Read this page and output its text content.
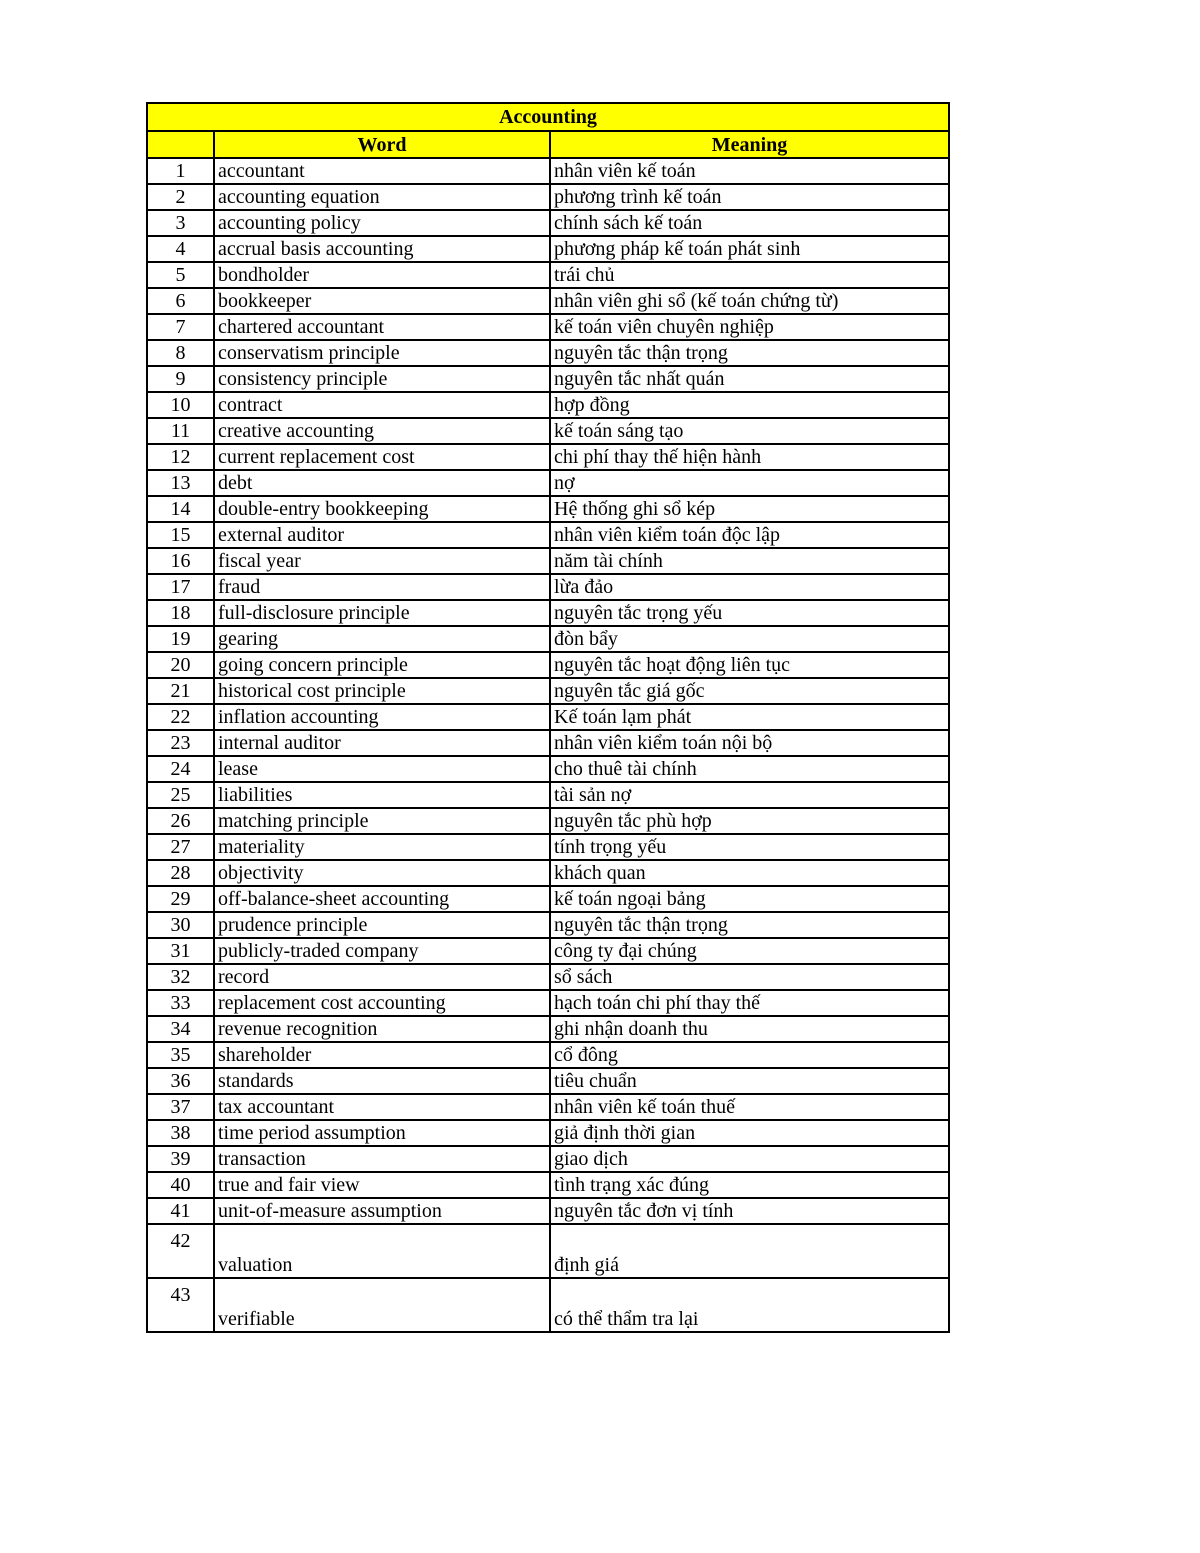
Accounting		
	Word	Meaning
1	accountant	nhân viên kế toán
2	accounting equation	phương trình kế toán
3	accounting policy	chính sách kế toán
4	accrual basis accounting	phương pháp kế toán phát sinh
5	bondholder	trái chủ
6	bookkeeper	nhân viên ghi sổ (kế toán chứng từ)
7	chartered accountant	kế toán viên chuyên nghiệp
8	conservatism principle	nguyên tắc thận trọng
9	consistency principle	nguyên tắc nhất quán
10	contract	hợp đồng
11	creative accounting	kế toán sáng tạo
12	current replacement cost	chi phí thay thế hiện hành
13	debt	nợ
14	double-entry bookkeeping	Hệ thống ghi sổ kép
15	external auditor	nhân viên kiểm toán độc lập
16	fiscal year	năm tài chính
17	fraud	lừa đảo
18	full-disclosure principle	nguyên tắc trọng yếu
19	gearing	đòn bẩy
20	going concern principle	nguyên tắc hoạt động liên tục
21	historical cost principle	nguyên tắc giá gốc
22	inflation accounting	Kế toán lạm phát
23	internal auditor	nhân viên kiểm toán nội bộ
24	lease	cho thuê tài chính
25	liabilities	tài sản nợ
26	matching principle	nguyên tắc phù hợp
27	materiality	tính trọng yếu
28	objectivity	khách quan
29	off-balance-sheet accounting	kế toán ngoại bảng
30	prudence principle	nguyên tắc thận trọng
31	publicly-traded company	công ty đại chúng
32	record	sổ sách
33	replacement cost accounting	hạch toán chi phí thay thế
34	revenue recognition	ghi nhận doanh thu
35	shareholder	cổ đông
36	standards	tiêu chuẩn
37	tax accountant	nhân viên kế toán thuế
38	time period assumption	giả định thời gian
39	transaction	giao dịch
40	true and fair view	tình trạng xác đúng
41	unit-of-measure assumption	nguyên tắc đơn vị tính
42	valuation	định giá
43	verifiable	có thể thẩm tra lại
